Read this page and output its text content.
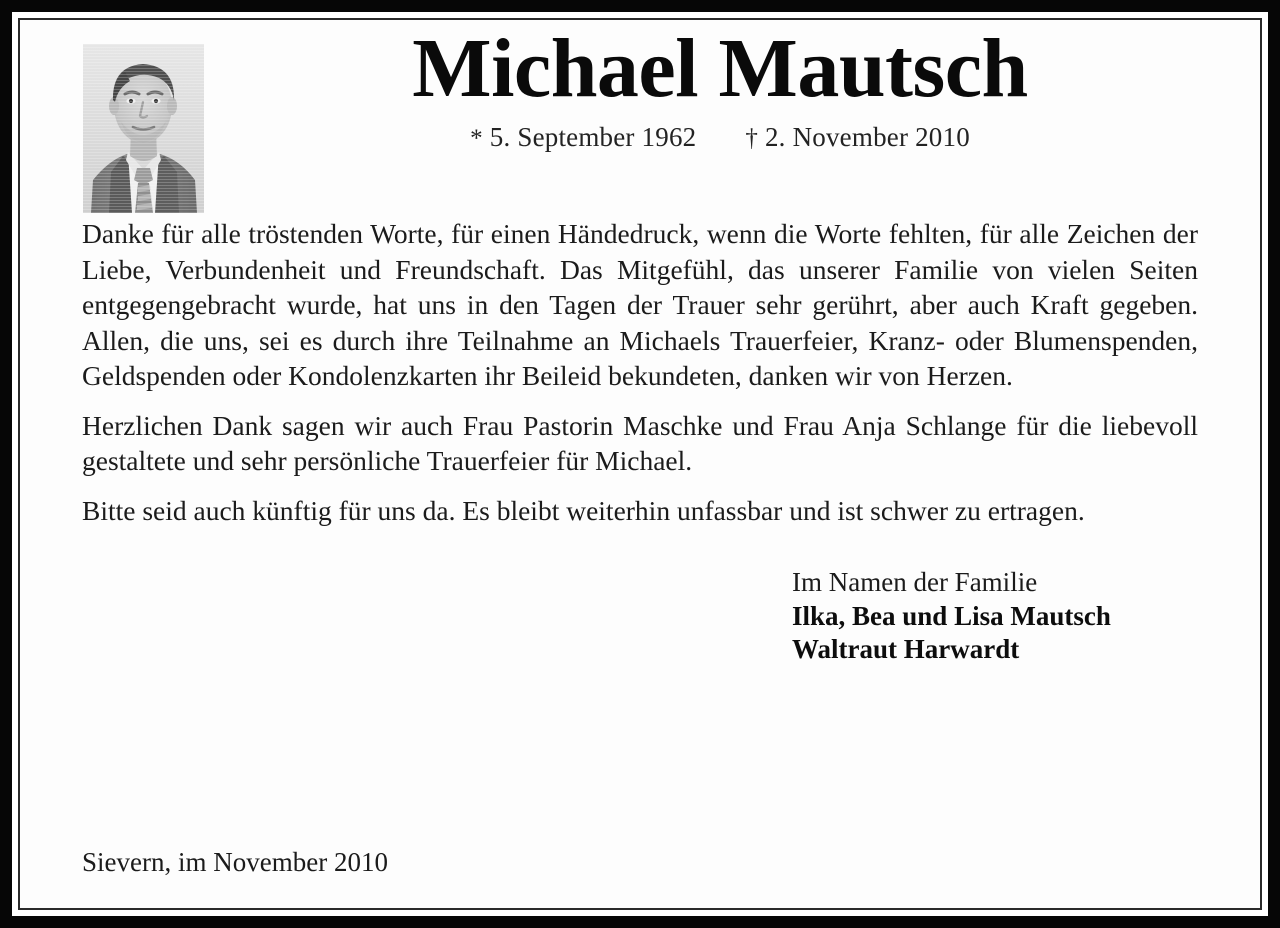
Michael Mautsch
* 5. September 1962 † 2. November 2010

Danke für alle tröstenden Worte, für einen Händedruck, wenn die Worte fehlten, für alle Zeichen der Liebe, Verbundenheit und Freundschaft. Das Mitgefühl, das unserer Familie von vielen Seiten entgegengebracht wurde, hat uns in den Tagen der Trauer sehr gerührt, aber auch Kraft gegeben. Allen, die uns, sei es durch ihre Teilnahme an Michaels Trauerfeier, Kranz- oder Blumenspenden, Geldspenden oder Kondolenzkarten ihr Beileid bekundeten, danken wir von Herzen.

Herzlichen Dank sagen wir auch Frau Pastorin Maschke und Frau Anja Schlange für die liebevoll gestaltete und sehr persönliche Trauerfeier für Michael.

Bitte seid auch künftig für uns da. Es bleibt weiterhin unfassbar und ist schwer zu ertragen.

Im Namen der Familie
Ilka, Bea und Lisa Mautsch
Waltraut Harwardt
Sievern, im November 2010
